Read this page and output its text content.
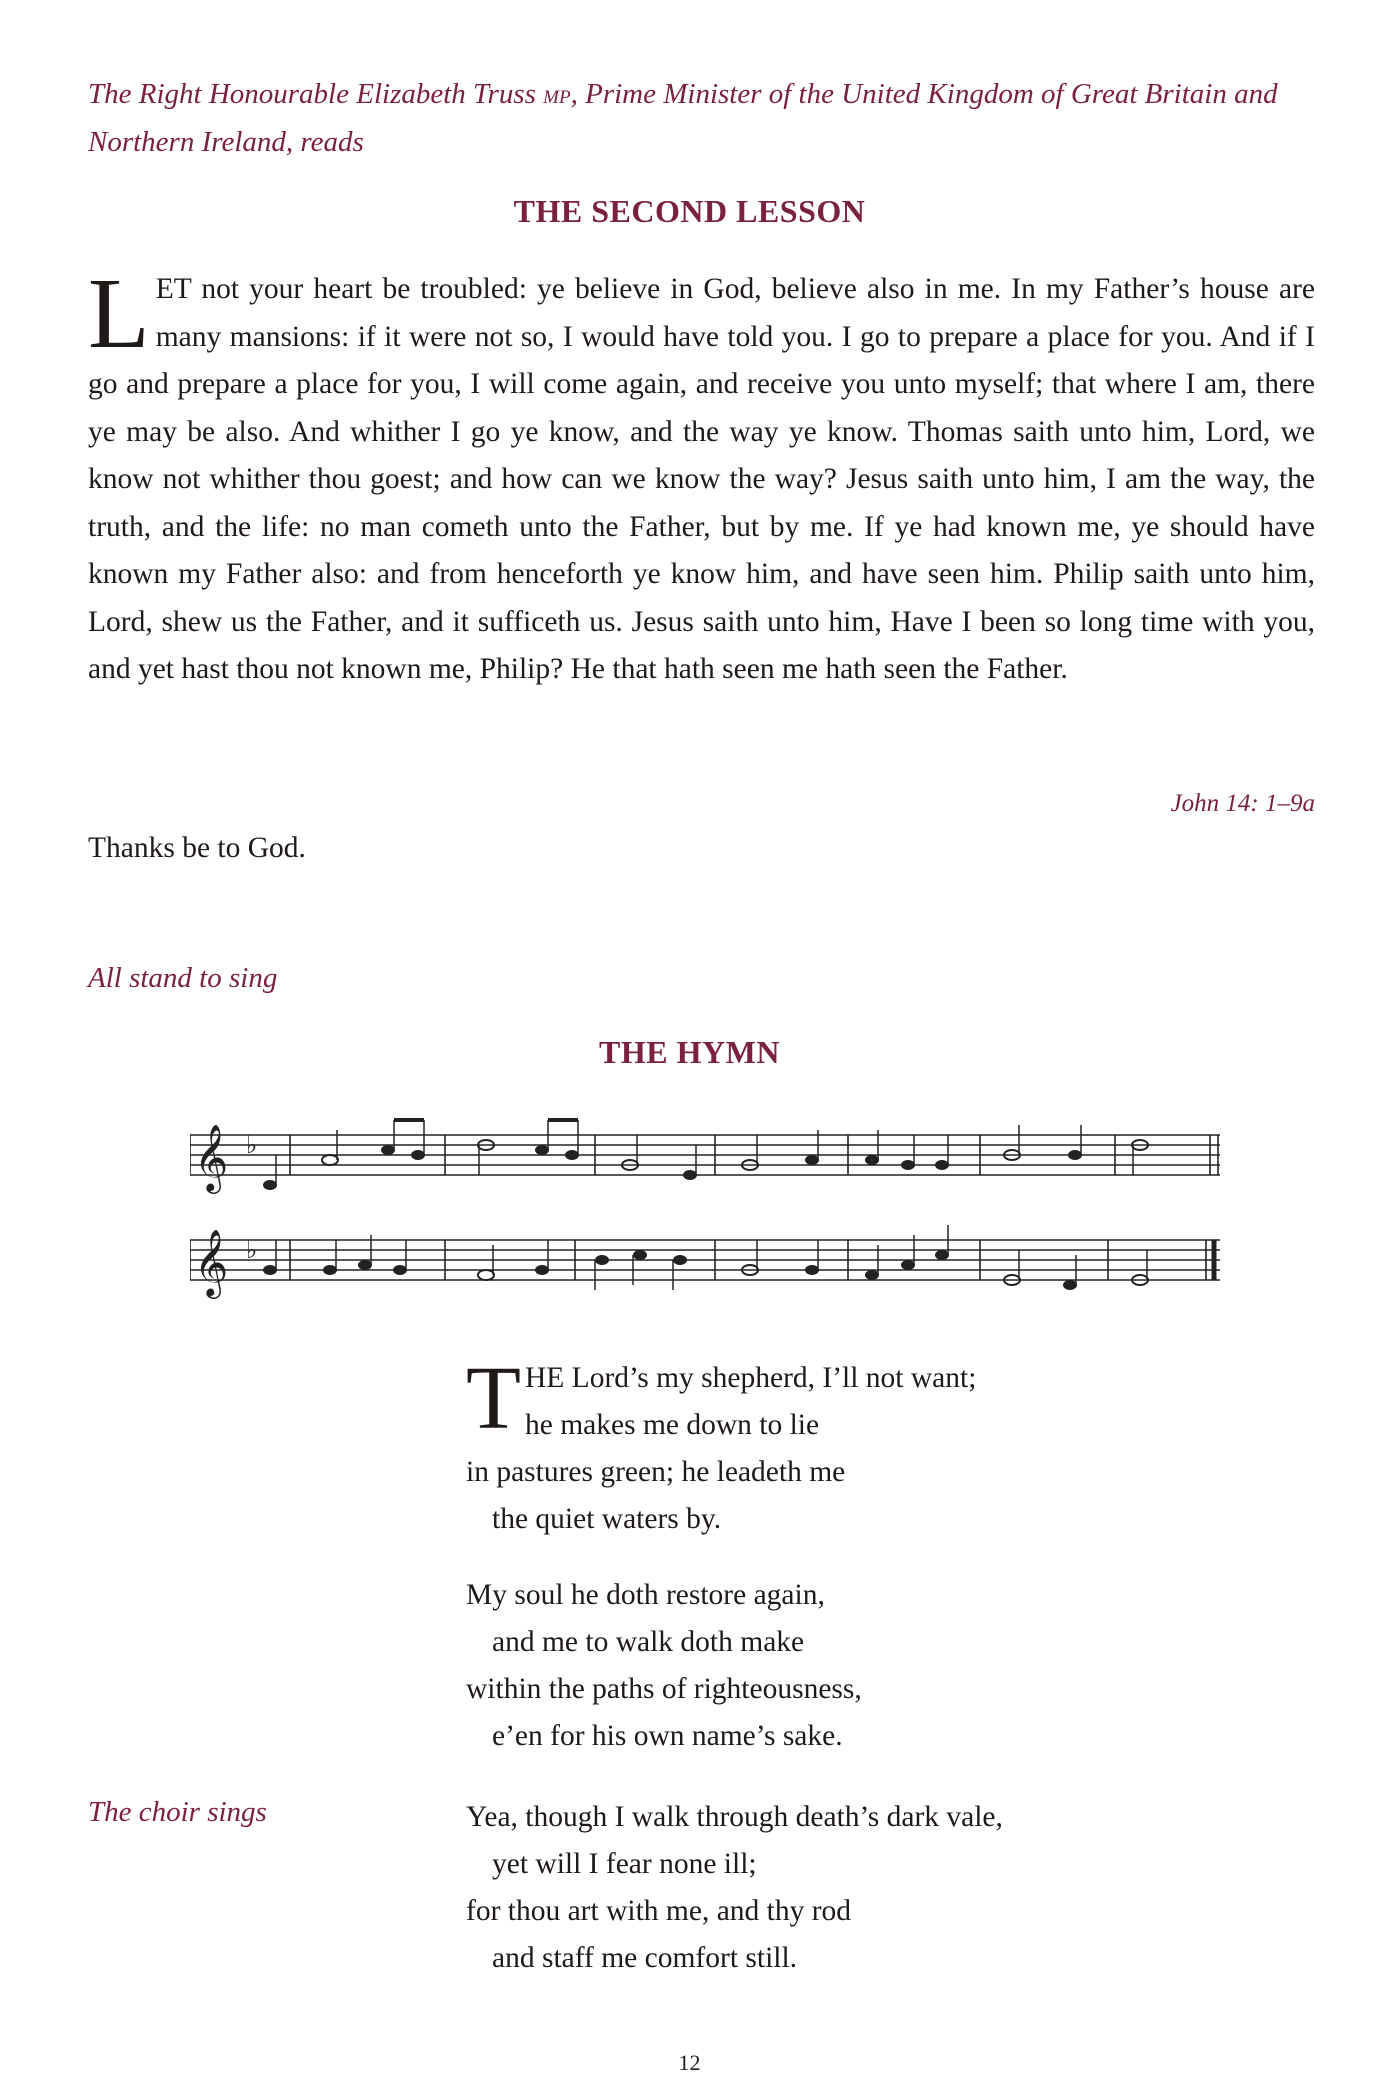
The Right Honourable Elizabeth Truss MP, Prime Minister of the United Kingdom of Great Britain and Northern Ireland, reads
THE SECOND LESSON
L ET not your heart be troubled: ye believe in God, believe also in me. In my Father’s house are many mansions: if it were not so, I would have told you. I go to prepare a place for you. And if I go and prepare a place for you, I will come again, and receive you unto myself; that where I am, there ye may be also. And whither I go ye know, and the way ye know. Thomas saith unto him, Lord, we know not whither thou goest; and how can we know the way? Jesus saith unto him, I am the way, the truth, and the life: no man cometh unto the Father, but by me. If ye had known me, ye should have known my Father also: and from henceforth ye know him, and have seen him. Philip saith unto him, Lord, shew us the Father, and it sufficeth us. Jesus saith unto him, Have I been so long time with you, and yet hast thou not known me, Philip? He that hath seen me hath seen the Father.
John 14: 1–9a
Thanks be to God.
All stand to sing
THE HYMN
𝄞 ♭
𝄞 ♭
T HE Lord’s my shepherd, I’ll not want;
he makes me down to lie
in pastures green; he leadeth me
the quiet waters by.
My soul he doth restore again,
and me to walk doth make
within the paths of righteousness,
e’en for his own name’s sake.
The choir sings	Yea, though I walk through death’s dark vale,
yet will I fear none ill;
for thou art with me, and thy rod
and staff me comfort still.
12
